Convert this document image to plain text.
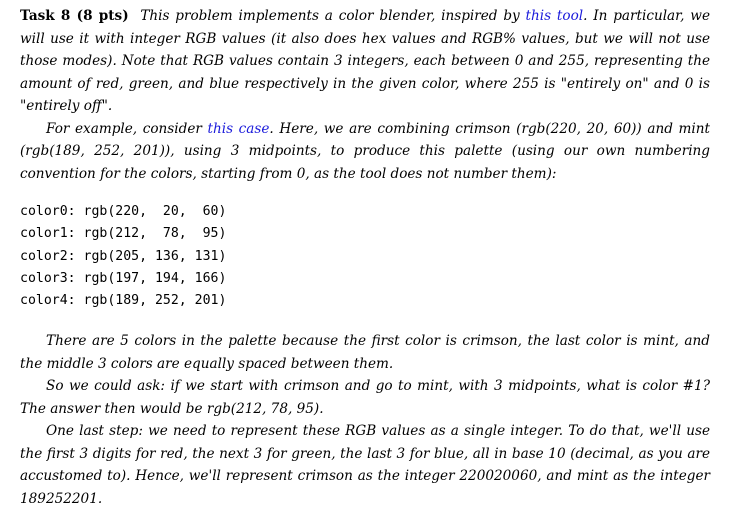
Task 8 (8 pts) This problem implements a color blender, inspired by this tool. In particular, we will use it with integer RGB values (it also does hex values and RGB% values, but we will not use those modes). Note that RGB values contain 3 integers, each between 0 and 255, representing the amount of red, green, and blue respectively in the given color, where 255 is "entirely on" and 0 is "entirely off".

For example, consider this case. Here, we are combining crimson (rgb(220, 20, 60)) and mint (rgb(189, 252, 201)), using 3 midpoints, to produce this palette (using our own numbering convention for the colors, starting from 0, as the tool does not number them):

color0: rgb(220,  20,  60)
color1: rgb(212,  78,  95)
color2: rgb(205, 136, 131)
color3: rgb(197, 194, 166)
color4: rgb(189, 252, 201)

There are 5 colors in the palette because the first color is crimson, the last color is mint, and the middle 3 colors are equally spaced between them.

So we could ask: if we start with crimson and go to mint, with 3 midpoints, what is color #1? The answer then would be rgb(212, 78, 95).

One last step: we need to represent these RGB values as a single integer. To do that, we'll use the first 3 digits for red, the next 3 for green, the last 3 for blue, all in base 10 (decimal, as you are accustomed to). Hence, we'll represent crimson as the integer 220020060, and mint as the integer 189252201.
